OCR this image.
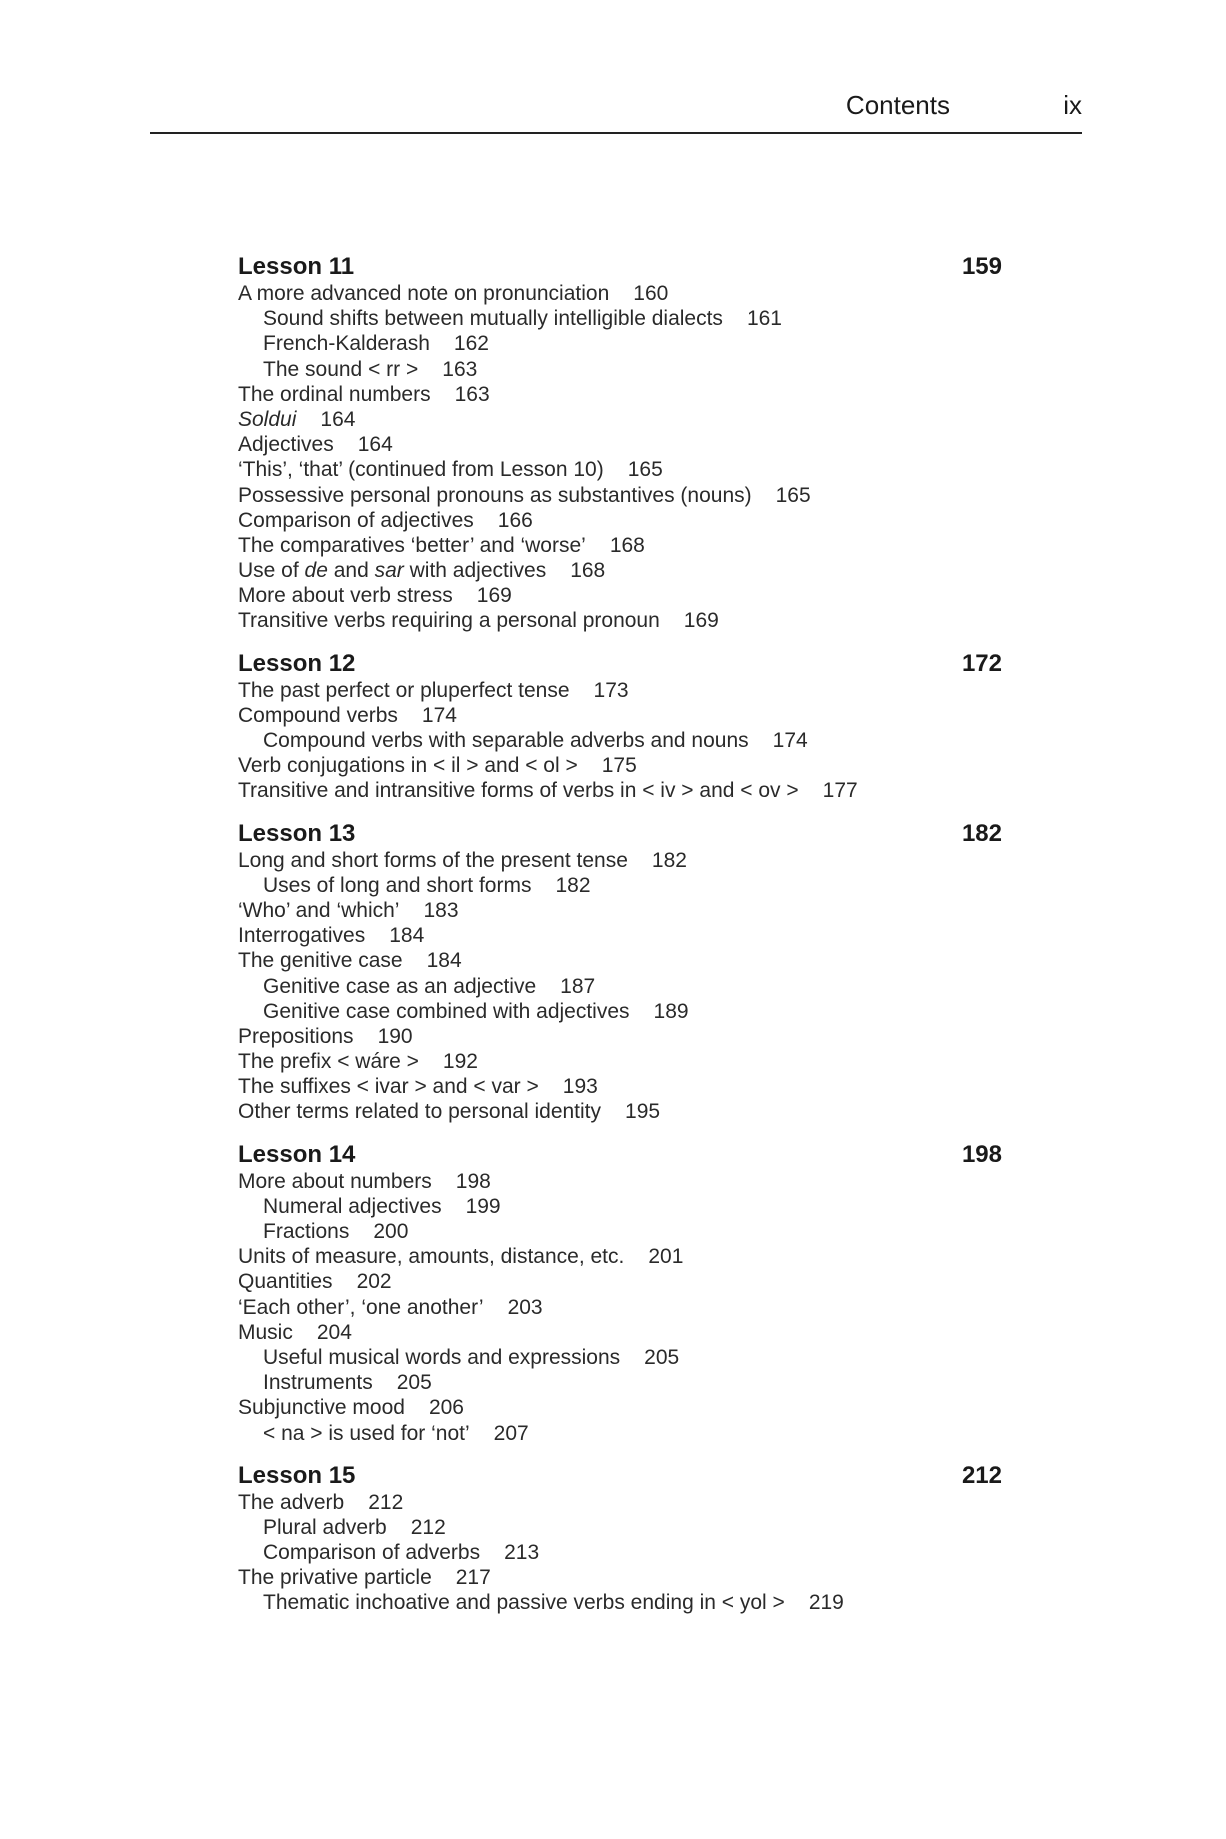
Contents	ix
Lesson 11	159
A more advanced note on pronunciation 160
Sound shifts between mutually intelligible dialects 161
French-Kalderash 162
The sound < rr > 163
The ordinal numbers 163
Soldui 164
Adjectives 164
‘This’, ‘that’ (continued from Lesson 10) 165
Possessive personal pronouns as substantives (nouns) 165
Comparison of adjectives 166
The comparatives ‘better’ and ‘worse’ 168
Use of de and sar with adjectives 168
More about verb stress 169
Transitive verbs requiring a personal pronoun 169
Lesson 12	172
The past perfect or pluperfect tense 173
Compound verbs 174
Compound verbs with separable adverbs and nouns 174
Verb conjugations in < il > and < ol > 175
Transitive and intransitive forms of verbs in < iv > and < ov > 177
Lesson 13	182
Long and short forms of the present tense 182
Uses of long and short forms 182
‘Who’ and ‘which’ 183
Interrogatives 184
The genitive case 184
Genitive case as an adjective 187
Genitive case combined with adjectives 189
Prepositions 190
The prefix < wáre > 192
The suffixes < ivar > and < var > 193
Other terms related to personal identity 195
Lesson 14	198
More about numbers 198
Numeral adjectives 199
Fractions 200
Units of measure, amounts, distance, etc. 201
Quantities 202
‘Each other’, ‘one another’ 203
Music 204
Useful musical words and expressions 205
Instruments 205
Subjunctive mood 206
< na > is used for ‘not’ 207
Lesson 15	212
The adverb 212
Plural adverb 212
Comparison of adverbs 213
The privative particle 217
Thematic inchoative and passive verbs ending in < yol > 219
